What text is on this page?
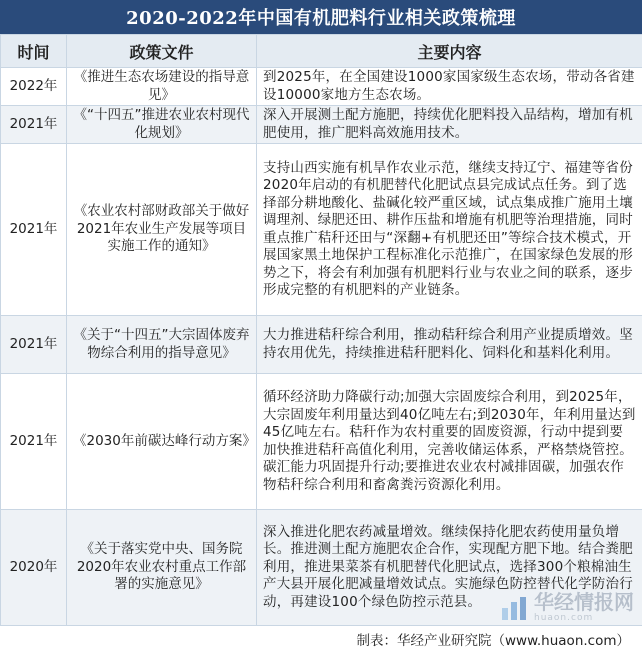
2020-2022年中国有机肥料行业相关政策梳理
时间	政策文件	主要内容
2022年	《推进生态农场建设的指导意见》	到2025年，在全国建设1000家国家级生态农场，带动各省建设10000家地方生态农场。
2021年	《“十四五”推进农业农村现代化规划》	深入开展测土配方施肥，持续优化肥料投入品结构，增加有机肥使用，推广肥料高效施用技术。
2021年	《农业农村部财政部关于做好2021年农业生产发展等项目实施工作的通知》	支持山西实施有机旱作农业示范，继续支持辽宁、福建等省份2020年启动的有机肥替代化肥试点县完成试点任务。到了选择部分耕地酸化、盐碱化较严重区域，试点集成推广施用土壤调理剂、绿肥还田、耕作压盐和增施有机肥等治理措施，同时重点推广秸秆还田与“深翻+有机肥还田”等综合技术模式，开展国家黑土地保护工程标准化示范推广，在国家绿色发展的形势之下，将会有利加强有机肥料行业与农业之间的联系，逐步形成完整的有机肥料的产业链条。
2021年	《关于“十四五”大宗固体废弃物综合利用的指导意见》	大力推进秸秆综合利用，推动秸秆综合利用产业提质增效。坚持农用优先，持续推进秸秆肥料化、饲料化和基料化利用。
2021年	《2030年前碳达峰行动方案》	循环经济助力降碳行动;加强大宗固废综合利用，到2025年，大宗固废年利用量达到40亿吨左右;到2030年，年利用量达到45亿吨左右。秸秆作为农村重要的固废资源，行动中提到要加快推进秸秆高值化利用，完善收储运体系，严格禁烧管控。碳汇能力巩固提升行动;要推进农业农村减排固碳，加强农作物秸秆综合利用和畜禽粪污资源化利用。
2020年	《关于落实党中央、国务院2020年农业农村重点工作部署的实施意见》	深入推进化肥农药减量增效。继续保持化肥农药使用量负增长。推进测土配方施肥农企合作，实现配方肥下地。结合粪肥利用，推进果菜茶有机肥替代化肥试点，选择300个粮棉油生产大县开展化肥减量增效试点。实施绿色防控替代化学防治行动，再建设100个绿色防控示范县。
制表：华经产业研究院（www.huaon.com）
华经情报网
huaon.com
